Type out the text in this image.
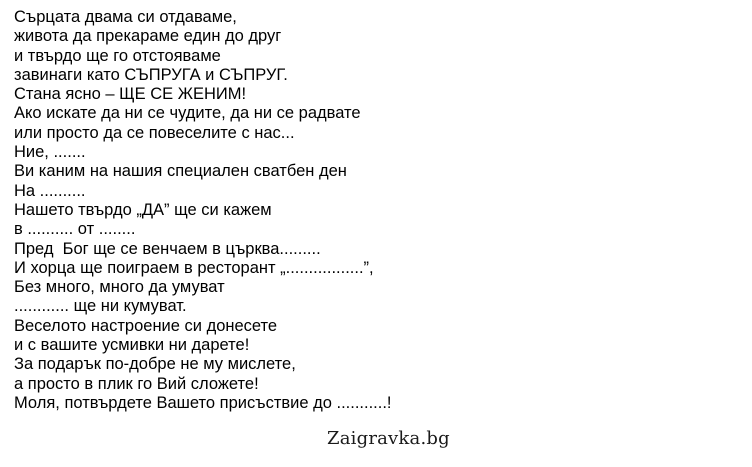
Сърцата двама си отдаваме,
живота да прекараме един до друг
и твърдо ще го отстояваме
завинаги като СЪПРУГА и СЪПРУГ.
Стана ясно – ЩЕ СЕ ЖЕНИМ!
Ако искате да ни се чудите, да ни се радвате
или просто да се повеселите с нас...
Ние, .......
Ви каним на нашия специален сватбен ден
На ..........
Нашето твърдо „ДА” ще си кажем
в .......... от ........
Пред  Бог ще се венчаем в църква.........
И хорца ще поиграем в ресторант „.................”,
Без много, много да умуват
............ ще ни кумуват.
Веселото настроение си донесете
и с вашите усмивки ни дарете!
За подарък по-добре не му мислете,
а просто в плик го Вий сложете!
Моля, потвърдете Вашето присъствие до ...........!
Zaigravka.bg
